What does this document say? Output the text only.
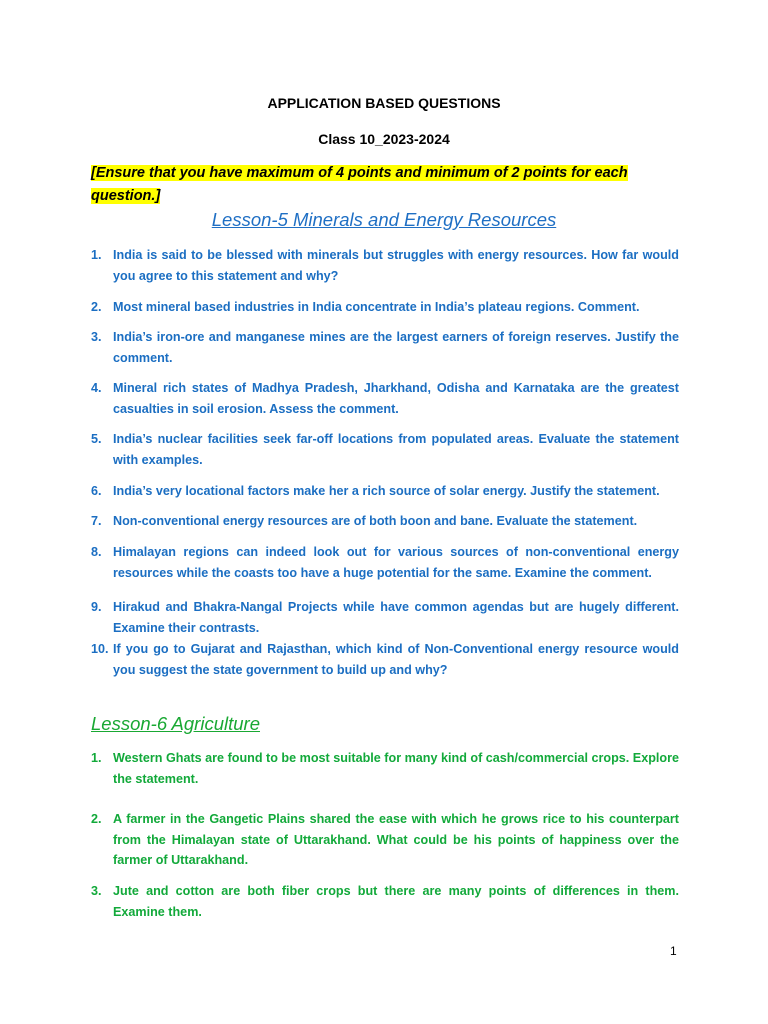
APPLICATION BASED QUESTIONS
Class 10_2023-2024
[Ensure that you have maximum of 4 points and minimum of 2 points for each question.]
Lesson-5 Minerals and Energy Resources
1. India is said to be blessed with minerals but struggles with energy resources. How far would you agree to this statement and why?
2. Most mineral based industries in India concentrate in India’s plateau regions. Comment.
3. India’s iron-ore and manganese mines are the largest earners of foreign reserves. Justify the comment.
4. Mineral rich states of Madhya Pradesh, Jharkhand, Odisha and Karnataka are the greatest casualties in soil erosion. Assess the comment.
5. India’s nuclear facilities seek far-off locations from populated areas. Evaluate the statement with examples.
6. India’s very locational factors make her a rich source of solar energy. Justify the statement.
7. Non-conventional energy resources are of both boon and bane. Evaluate the statement.
8. Himalayan regions can indeed look out for various sources of non-conventional energy resources while the coasts too have a huge potential for the same. Examine the comment.
9. Hirakud and Bhakra-Nangal Projects while have common agendas but are hugely different. Examine their contrasts.
10. If you go to Gujarat and Rajasthan, which kind of Non-Conventional energy resource would you suggest the state government to build up and why?
Lesson-6 Agriculture
1. Western Ghats are found to be most suitable for many kind of cash/commercial crops. Explore the statement.
2. A farmer in the Gangetic Plains shared the ease with which he grows rice to his counterpart from the Himalayan state of Uttarakhand. What could be his points of happiness over the farmer of Uttarakhand.
3. Jute and cotton are both fiber crops but there are many points of differences in them. Examine them.
1
